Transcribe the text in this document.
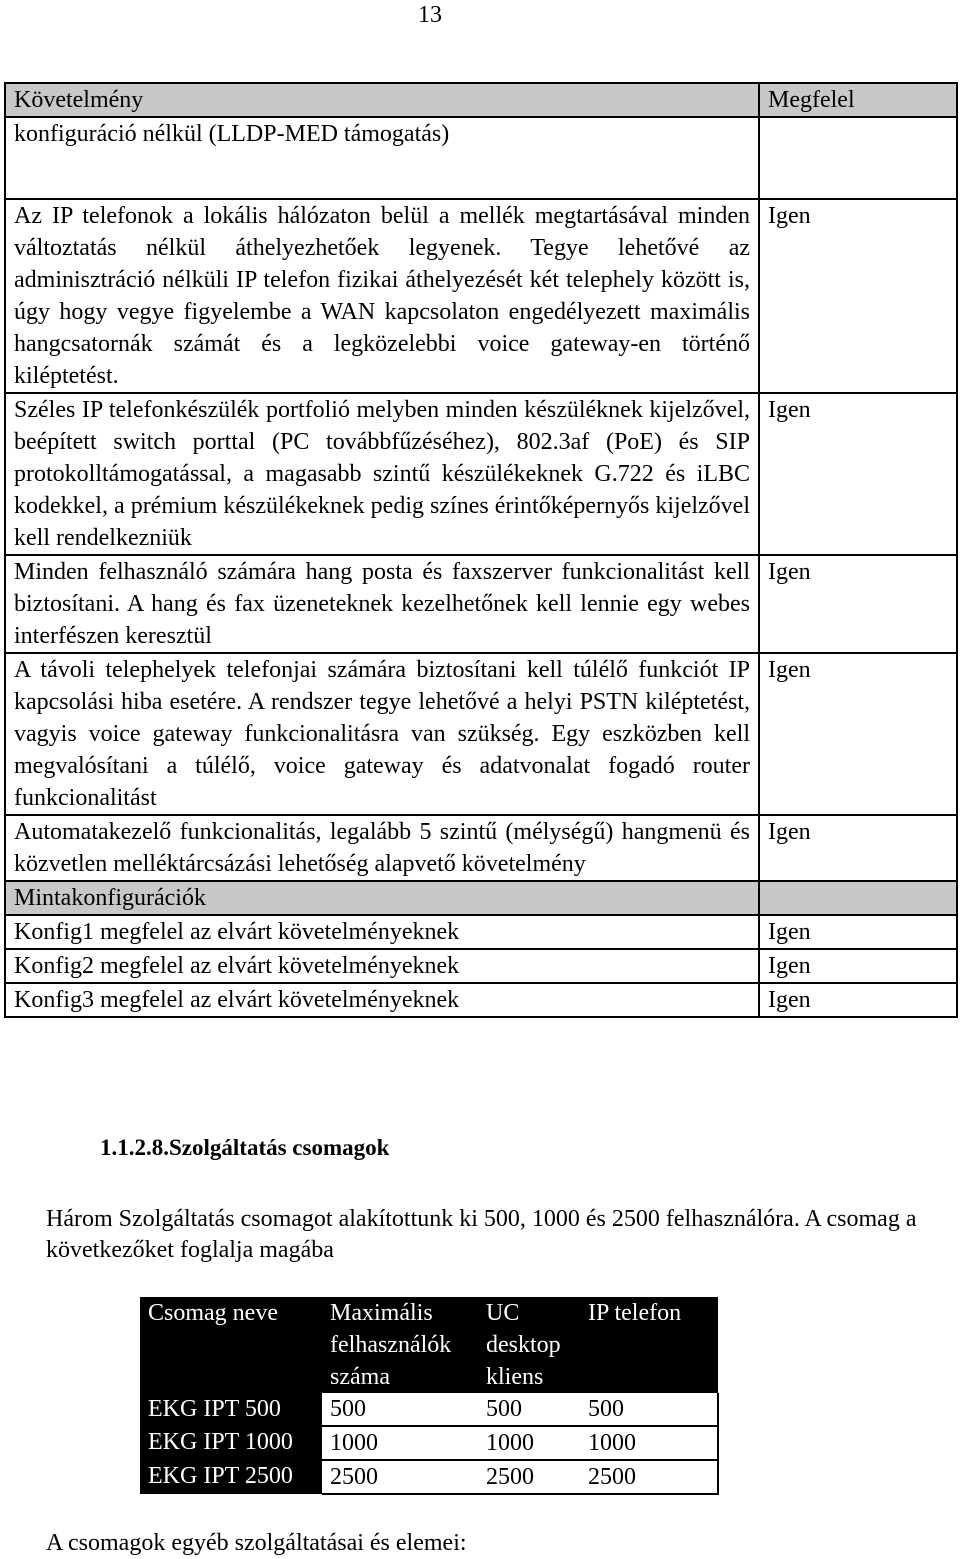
13
Követelmény	Megfelel
konfiguráció nélkül (LLDP-MED támogatás)	
Az IP telefonok a lokális hálózaton belül a mellék megtartásával minden változtatás nélkül áthelyezhetőek legyenek. Tegye lehetővé az adminisztráció nélküli IP telefon fizikai áthelyezését két telephely között is, úgy hogy vegye figyelembe a WAN kapcsolaton engedélyezett maximális hangcsatornák számát és a legközelebbi voice gateway-en történő kiléptetést.	Igen
Széles IP telefonkészülék portfolió melyben minden készüléknek kijelzővel, beépített switch porttal (PC továbbfűzéséhez), 802.3af (PoE) és SIP protokolltámogatással, a magasabb szintű készülékeknek G.722 és iLBC kodekkel, a prémium készülékeknek pedig színes érintőképernyős kijelzővel kell rendelkezniük	Igen
Minden felhasználó számára hang posta és faxszerver funkcionalitást kell biztosítani. A hang és fax üzeneteknek kezelhetőnek kell lennie egy webes interfészen keresztül	Igen
A távoli telephelyek telefonjai számára biztosítani kell túlélő funkciót IP kapcsolási hiba esetére. A rendszer tegye lehetővé a helyi PSTN kiléptetést, vagyis voice gateway funkcionalitásra van szükség. Egy eszközben kell megvalósítani a túlélő, voice gateway és adatvonalat fogadó router funkcionalitást	Igen
Automatakezelő funkcionalitás, legalább 5 szintű (mélységű) hangmenü és közvetlen melléktárcsázási lehetőség alapvető követelmény	Igen
Mintakonfigurációk	
Konfig1 megfelel az elvárt követelményeknek	Igen
Konfig2 megfelel az elvárt követelményeknek	Igen
Konfig3 megfelel az elvárt követelményeknek	Igen
1.1.2.8.Szolgáltatás csomagok
Három Szolgáltatás csomagot alakítottunk ki 500, 1000 és 2500 felhasználóra. A csomag a következőket foglalja magába
Csomag neve	Maximális felhasználók száma	UC desktop kliens	IP telefon
EKG IPT 500	500	500	500
EKG IPT 1000	1000	1000	1000
EKG IPT 2500	2500	2500	2500
A csomagok egyéb szolgáltatásai és elemei:
